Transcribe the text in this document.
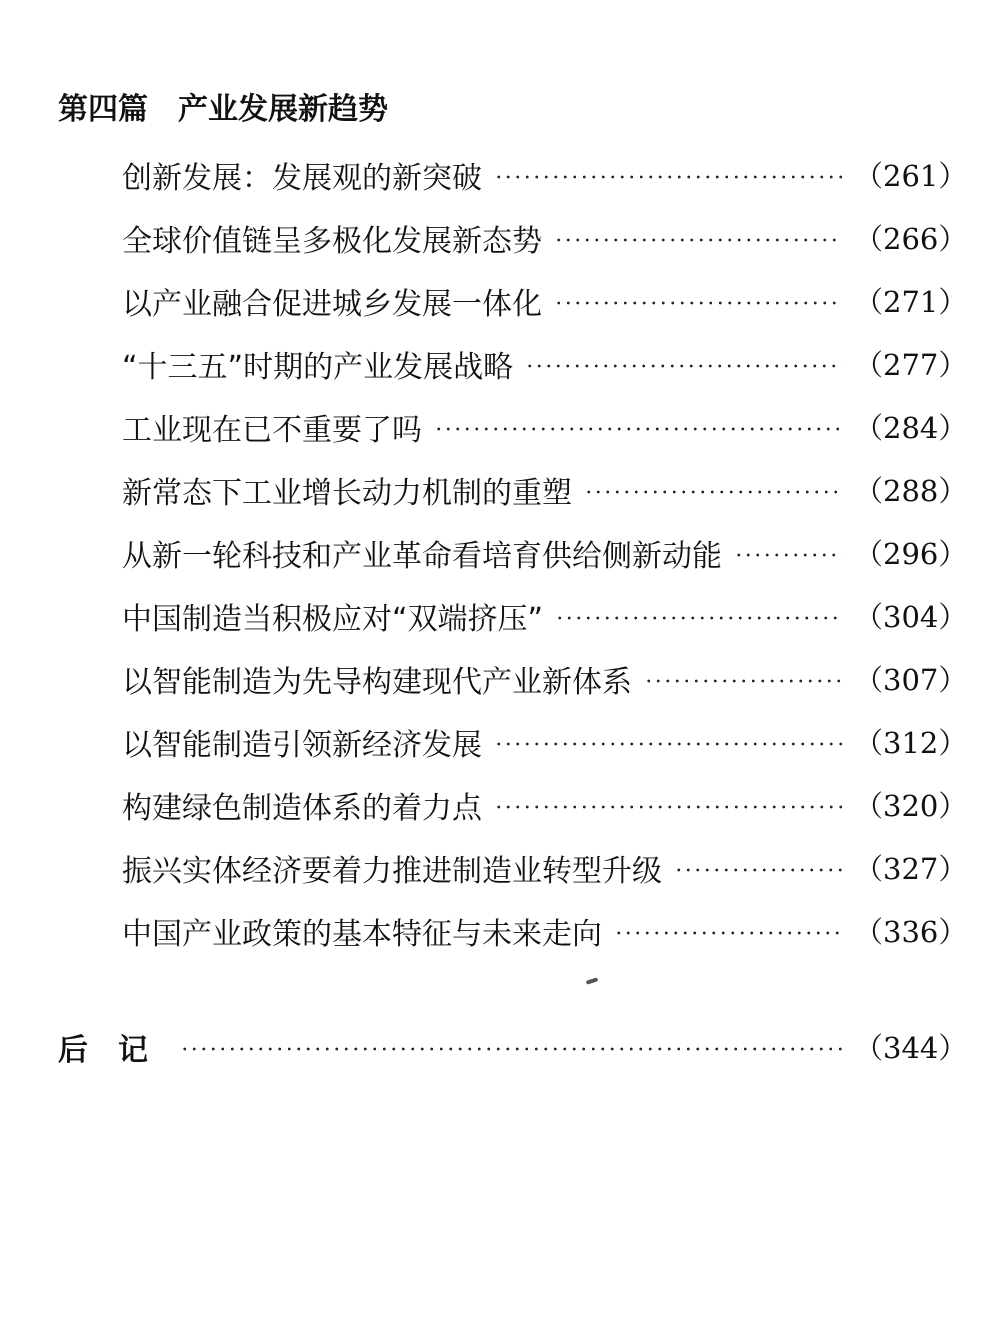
第四篇 产业发展新趋势
创新发展：发展观的新突破	（261）
全球价值链呈多极化发展新态势	（266）
以产业融合促进城乡发展一体化	（271）
“十三五”时期的产业发展战略	（277）
工业现在已不重要了吗	（284）
新常态下工业增长动力机制的重塑	（288）
从新一轮科技和产业革命看培育供给侧新动能	（296）
中国制造当积极应对“双端挤压”	（304）
以智能制造为先导构建现代产业新体系	（307）
以智能制造引领新经济发展	（312）
构建绿色制造体系的着力点	（320）
振兴实体经济要着力推进制造业转型升级	（327）
中国产业政策的基本特征与未来走向	（336）
后记	（344）
